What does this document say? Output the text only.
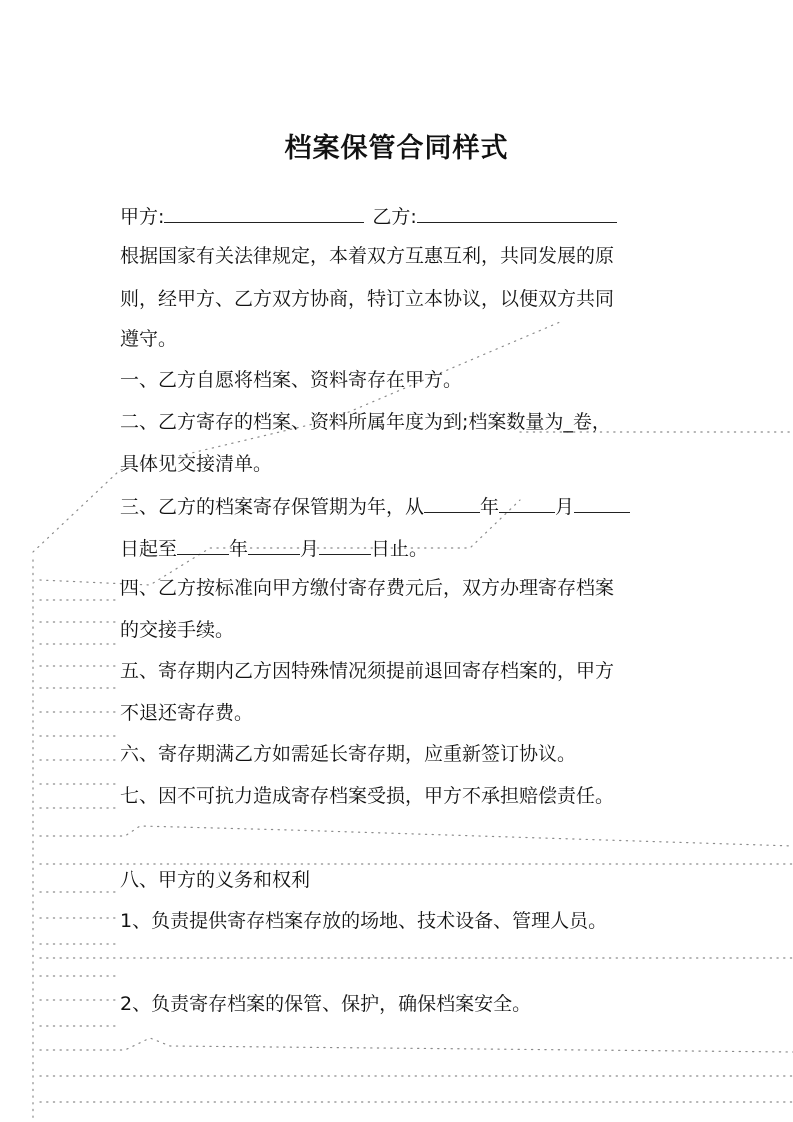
档案保管合同样式
甲方:	乙方:
根据国家有关法律规定，本着双方互惠互利，共同发展的原
则，经甲方、乙方双方协商，特订立本协议，以便双方共同
遵守。
一、乙方自愿将档案、资料寄存在甲方。
二、乙方寄存的档案、资料所属年度为到;档案数量为_卷，
具体见交接清单。
三、乙方的档案寄存保管期为年，从	年	月
日起至	年	月	日止。
四、乙方按标准向甲方缴付寄存费元后，双方办理寄存档案
的交接手续。
五、寄存期内乙方因特殊情况须提前退回寄存档案的，甲方
不退还寄存费。
六、寄存期满乙方如需延长寄存期，应重新签订协议。
七、因不可抗力造成寄存档案受损，甲方不承担赔偿责任。
八、甲方的义务和权利
1、负责提供寄存档案存放的场地、技术设备、管理人员。
2、负责寄存档案的保管、保护，确保档案安全。
